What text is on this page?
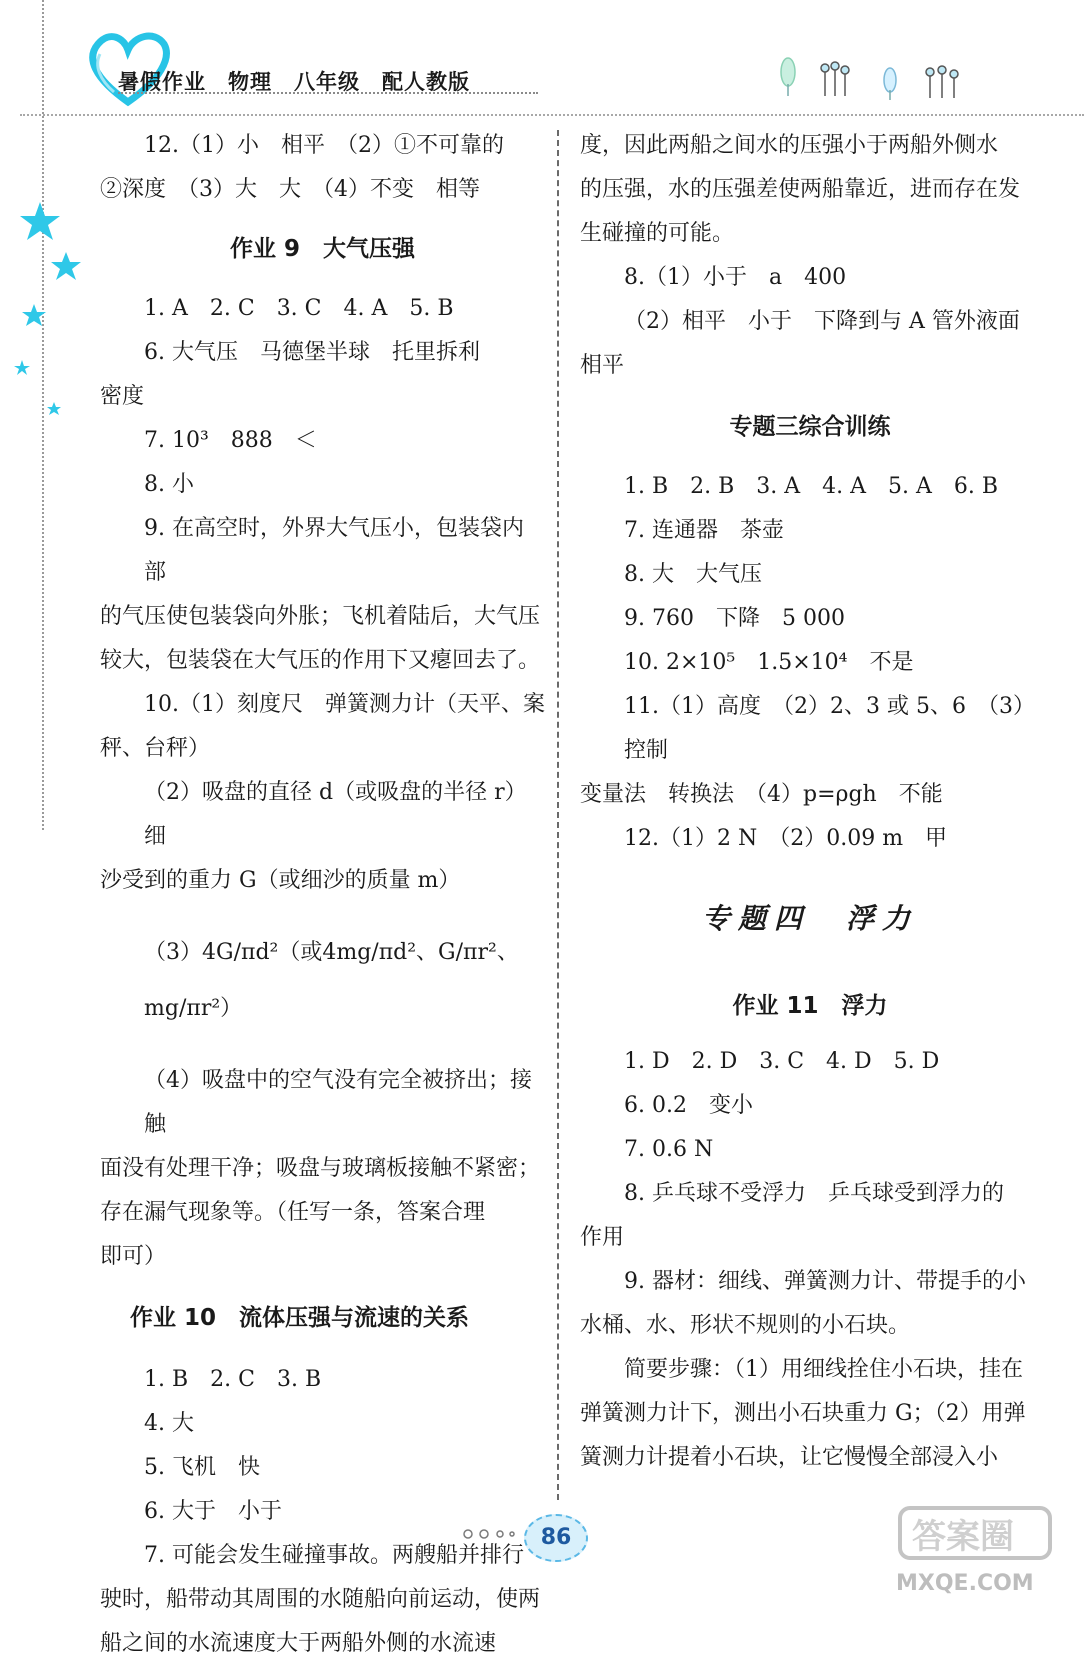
暑假作业　物理　八年级　配人教版

12.（1）小　相平　（2）①不可靠的

②深度　（3）大　大　（4）不变　相等

作业 9　大气压强

1. A　2. C　3. C　4. A　5. B

6. 大气压　马德堡半球　托里拆利

密度

7. 10³　888　＜

8. 小

9. 在高空时，外界大气压小，包装袋内部

的气压使包装袋向外胀；飞机着陆后，大气压

较大，包装袋在大气压的作用下又瘪回去了。

10.（1）刻度尺　弹簧测力计（天平、案

秤、台秤）

（2）吸盘的直径 d（或吸盘的半径 r）　细

沙受到的重力 G（或细沙的质量 m）

（3）4G/πd²（或4mg/πd²、G/πr²、mg/πr²）

（4）吸盘中的空气没有完全被挤出；接触

面没有处理干净；吸盘与玻璃板接触不紧密；

存在漏气现象等。（任写一条，答案合理

即可）

作业 10　流体压强与流速的关系

1. B　2. C　3. B

4. 大

5. 飞机　快

6. 大于　小于

7. 可能会发生碰撞事故。两艘船并排行

驶时，船带动其周围的水随船向前运动，使两

船之间的水流速度大于两船外侧的水流速

度，因此两船之间水的压强小于两船外侧水

的压强，水的压强差使两船靠近，进而存在发

生碰撞的可能。

8.（1）小于　a　400

（2）相平　小于　下降到与 A 管外液面

相平

专题三综合训练

1. B　2. B　3. A　4. A　5. A　6. B

7. 连通器　茶壶

8. 大　大气压

9. 760　下降　5 000

10. 2×10⁵　1.5×10⁴　不是

11.（1）高度　（2）2、3 或 5、6　（3）控制

变量法　转换法　（4）p=ρgh　不能

12.（1）2 N　（2）0.09 m　甲

专题四　浮力

作业 11　浮力

1. D　2. D　3. C　4. D　5. D

6. 0.2　变小

7. 0.6 N

8. 乒乓球不受浮力　乒乓球受到浮力的

作用

9. 器材：细线、弹簧测力计、带提手的小

水桶、水、形状不规则的小石块。

简要步骤：（1）用细线拴住小石块，挂在

弹簧测力计下，测出小石块重力 G；（2）用弹

簧测力计提着小石块，让它慢慢全部浸入小

86	答案圈
MXQE.COM
